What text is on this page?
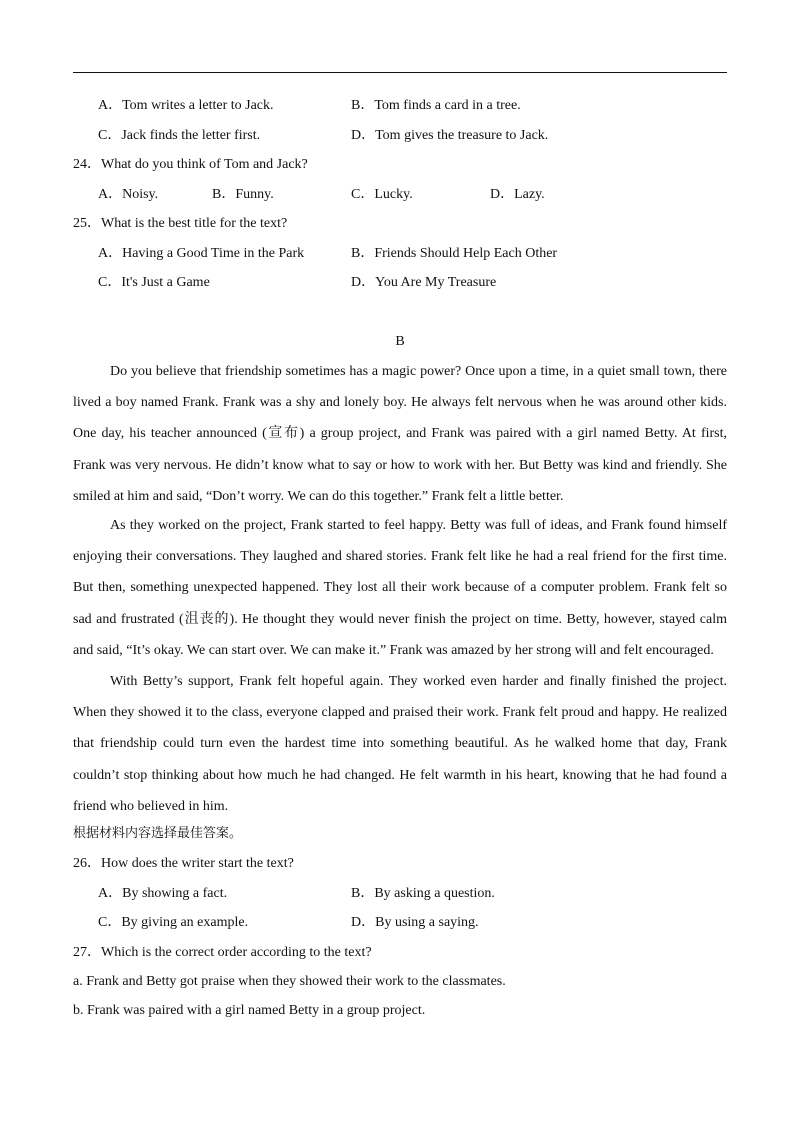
A．Tom writes a letter to Jack.	B．Tom finds a card in a tree.
C．Jack finds the letter first.	D．Tom gives the treasure to Jack.
24．What do you think of Tom and Jack?
A．Noisy.	B．Funny.	C．Lucky.	D．Lazy.
25．What is the best title for the text?
A．Having a Good Time in the Park	B．Friends Should Help Each Other
C．It's Just a Game	D．You Are My Treasure
B
Do you believe that friendship sometimes has a magic power? Once upon a time, in a quiet small town, there lived a boy named Frank. Frank was a shy and lonely boy. He always felt nervous when he was around other kids. One day, his teacher announced (宣布) a group project, and Frank was paired with a girl named Betty. At first, Frank was very nervous. He didn’t know what to say or how to work with her. But Betty was kind and friendly. She smiled at him and said, “Don’t worry. We can do this together.” Frank felt a little better.
As they worked on the project, Frank started to feel happy. Betty was full of ideas, and Frank found himself enjoying their conversations. They laughed and shared stories. Frank felt like he had a real friend for the first time. But then, something unexpected happened. They lost all their work because of a computer problem. Frank felt so sad and frustrated (沮丧的). He thought they would never finish the project on time. Betty, however, stayed calm and said, “It’s okay. We can start over. We can make it.” Frank was amazed by her strong will and felt encouraged.
With Betty’s support, Frank felt hopeful again. They worked even harder and finally finished the project. When they showed it to the class, everyone clapped and praised their work. Frank felt proud and happy. He realized that friendship could turn even the hardest time into something beautiful. As he walked home that day, Frank couldn’t stop thinking about how much he had changed. He felt warmth in his heart, knowing that he had found a friend who believed in him.
根据材料内容选择最佳答案。
26．How does the writer start the text?
A．By showing a fact.	B．By asking a question.
C．By giving an example.	D．By using a saying.
27．Which is the correct order according to the text?
a. Frank and Betty got praise when they showed their work to the classmates.
b. Frank was paired with a girl named Betty in a group project.
